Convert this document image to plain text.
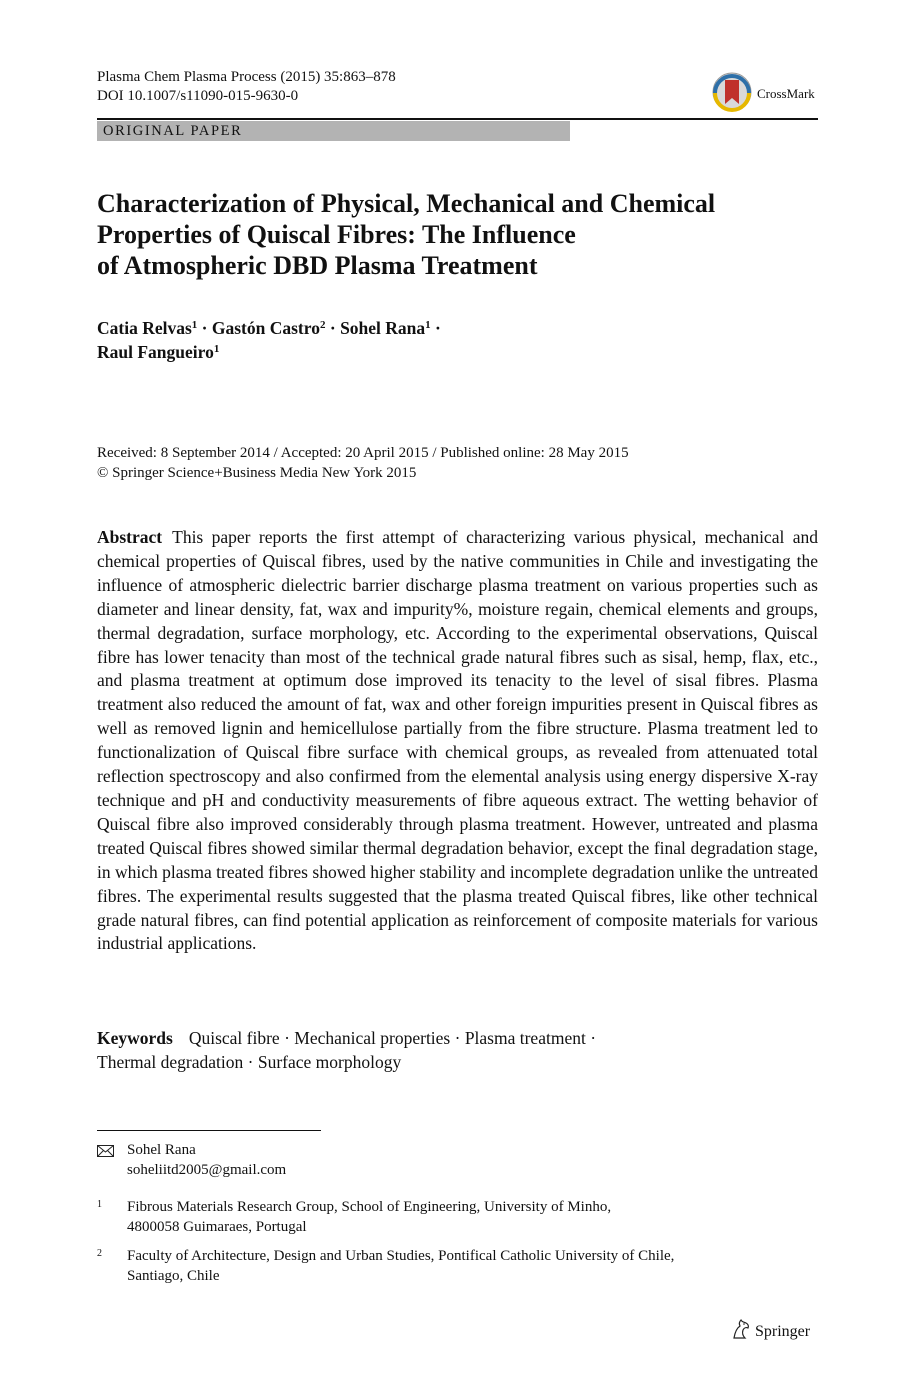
Plasma Chem Plasma Process (2015) 35:863–878
DOI 10.1007/s11090-015-9630-0	CrossMark
ORIGINAL PAPER
Characterization of Physical, Mechanical and Chemical
Properties of Quiscal Fibres: The Influence
of Atmospheric DBD Plasma Treatment
Catia Relvas$^1$ · Gastón Castro$^2$ · Sohel Rana$^1$ ·
Raul Fangueiro$^1$
Received: 8 September 2014 / Accepted: 20 April 2015 / Published online: 28 May 2015
© Springer Science+Business Media New York 2015
Abstract This paper reports the first attempt of characterizing various physical, mechanical and chemical properties of Quiscal fibres, used by the native communities in Chile and investigating the influence of atmospheric dielectric barrier discharge plasma treatment on various properties such as diameter and linear density, fat, wax and impurity%, moisture regain, chemical elements and groups, thermal degradation, surface morphology, etc. According to the experimental observations, Quiscal fibre has lower tenacity than most of the technical grade natural fibres such as sisal, hemp, flax, etc., and plasma treatment at optimum dose improved its tenacity to the level of sisal fibres. Plasma treatment also reduced the amount of fat, wax and other foreign impurities present in Quiscal fibres as well as removed lignin and hemicellulose partially from the fibre structure. Plasma treatment led to functionalization of Quiscal fibre surface with chemical groups, as revealed from attenuated total reflection spectroscopy and also confirmed from the elemental analysis using energy dispersive X-ray technique and pH and conductivity measurements of fibre aqueous extract. The wetting behavior of Quiscal fibre also improved considerably through plasma treatment. However, untreated and plasma treated Quiscal fibres showed similar thermal degradation behavior, except the final degradation stage, in which plasma treated fibres showed higher stability and incomplete degradation unlike the untreated fibres. The experimental results suggested that the plasma treated Quiscal fibres, like other technical grade natural fibres, can find potential application as reinforcement of composite materials for various industrial applications.
Keywords Quiscal fibre · Mechanical properties · Plasma treatment ·
Thermal degradation · Surface morphology
Sohel Rana
soheliitd2005@gmail.com
1 Fibrous Materials Research Group, School of Engineering, University of Minho,
4800058 Guimaraes, Portugal
2 Faculty of Architecture, Design and Urban Studies, Pontifical Catholic University of Chile,
Santiago, Chile
Springer
